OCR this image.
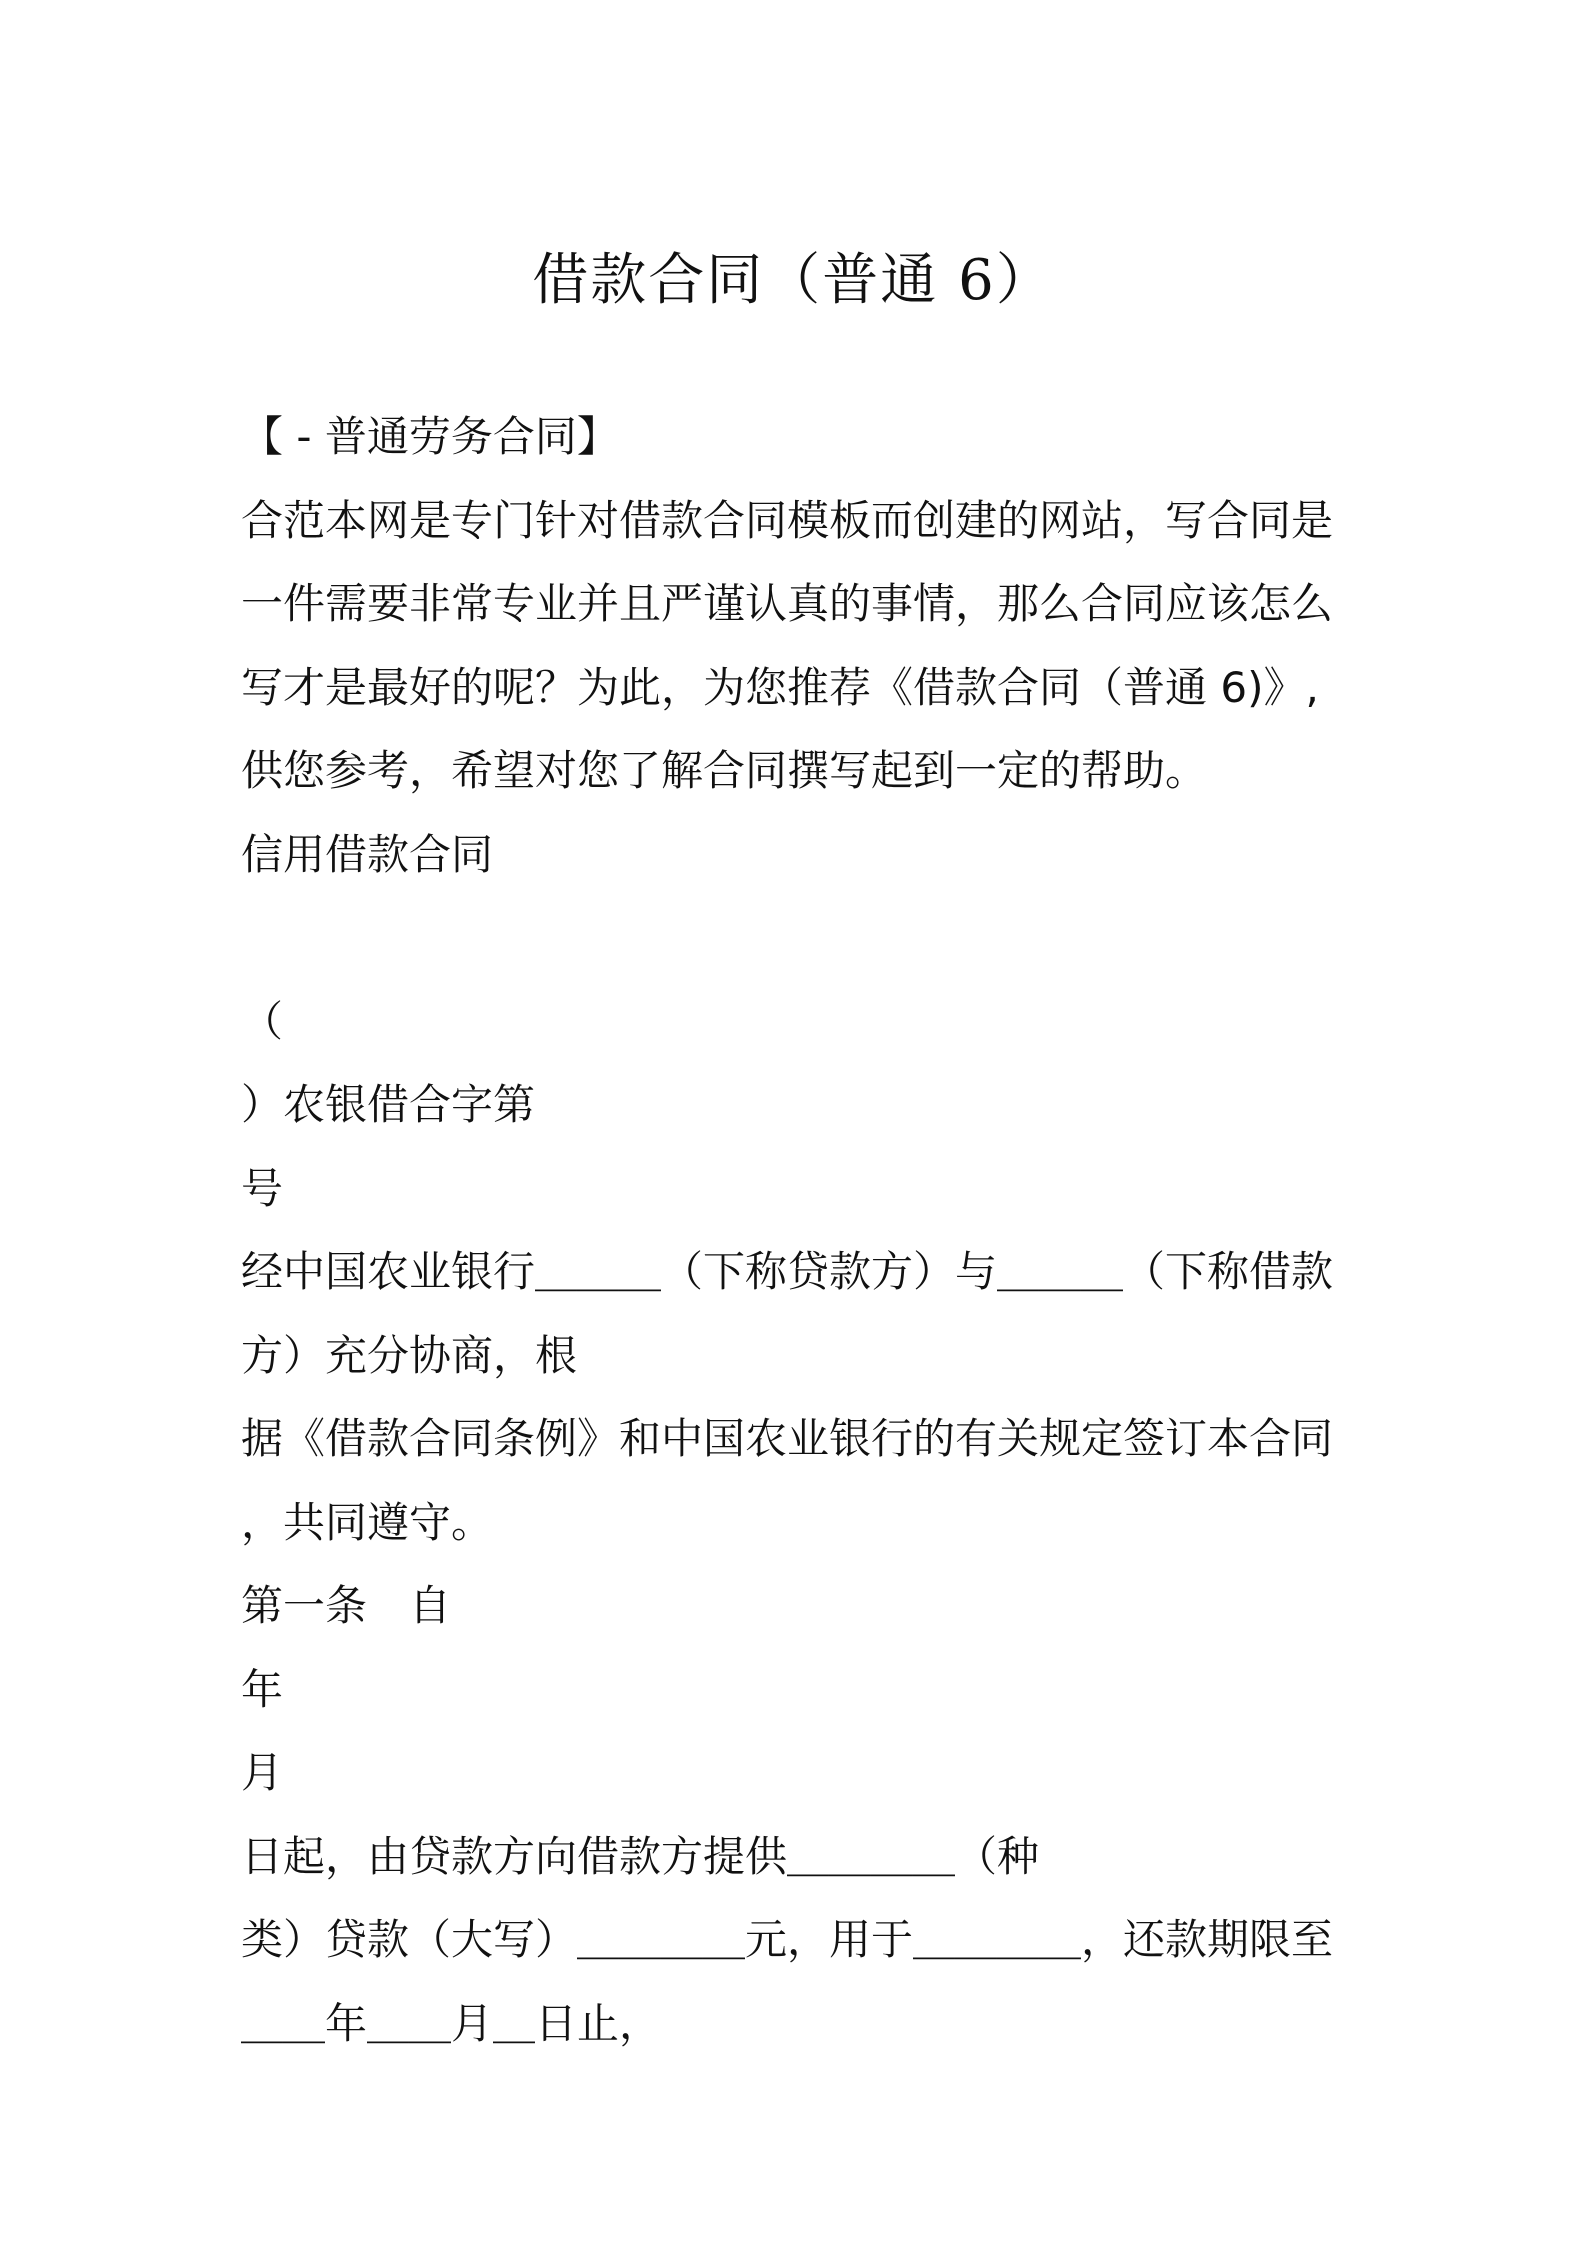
借款合同（普通 6）
【 - 普通劳务合同】
合范本网是专门针对借款合同模板而创建的网站，写合同是
一件需要非常专业并且严谨认真的事情，那么合同应该怎么
写才是最好的呢？为此，为您推荐《借款合同（普通 6)》,
供您参考，希望对您了解合同撰写起到一定的帮助。
信用借款合同
（
）农银借合字第
号
经中国农业银行＿＿＿（下称贷款方）与＿＿＿（下称借款
方）充分协商，根
据《借款合同条例》和中国农业银行的有关规定签订本合同
，共同遵守。
第一条　自
年
月
日起，由贷款方向借款方提供＿＿＿＿（种
类）贷款（大写）＿＿＿＿元，用于＿＿＿＿，还款期限至
＿＿年＿＿月＿日止，
